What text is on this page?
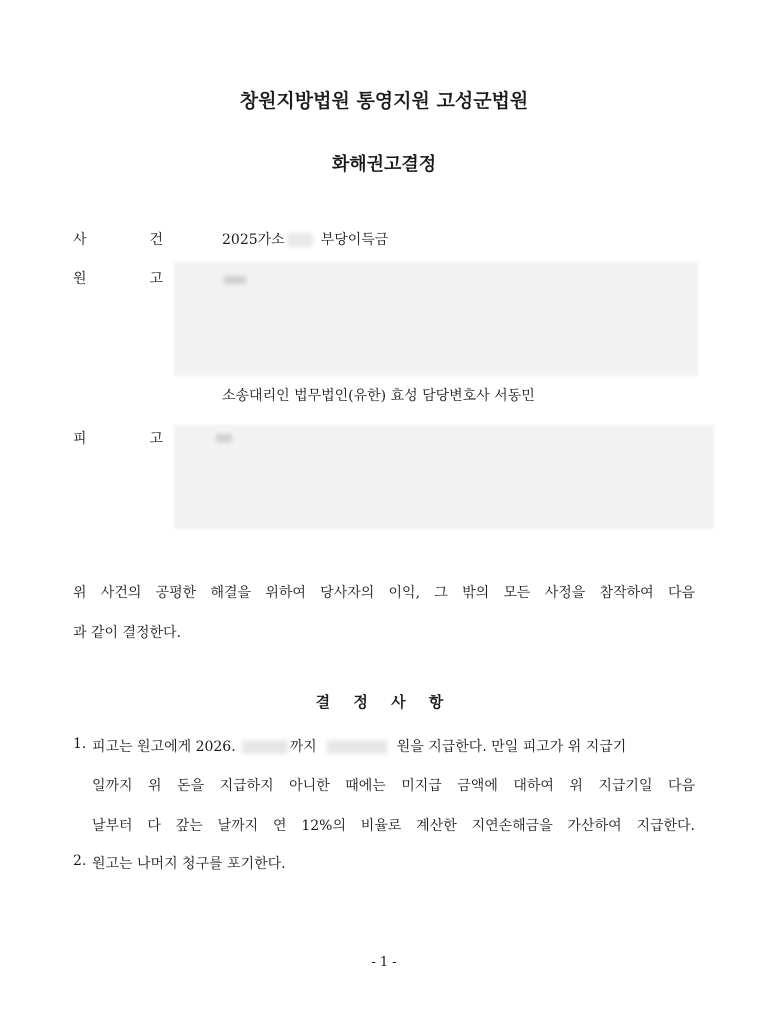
창원지방법원 통영지원 고성군법원
화해권고결정
사	건	2025가소	부당이득금
원	고
소송대리인 법무법인(유한) 효성 담당변호사 서동민
피	고
위 사건의 공평한 해결을 위하여 당사자의 이익, 그 밖의 모든 사정을 참작하여 다음
과 같이 결정한다.
결 정 사 항
1. 피고는 원고에게 2026.	까지	원을 지급한다. 만일 피고가 위 지급기
일까지 위 돈을 지급하지 아니한 때에는 미지급 금액에 대하여 위 지급기일 다음
날부터 다 갚는 날까지 연 12%의 비율로 계산한 지연손해금을 가산하여 지급한다.
2. 원고는 나머지 청구를 포기한다.
- 1 -
